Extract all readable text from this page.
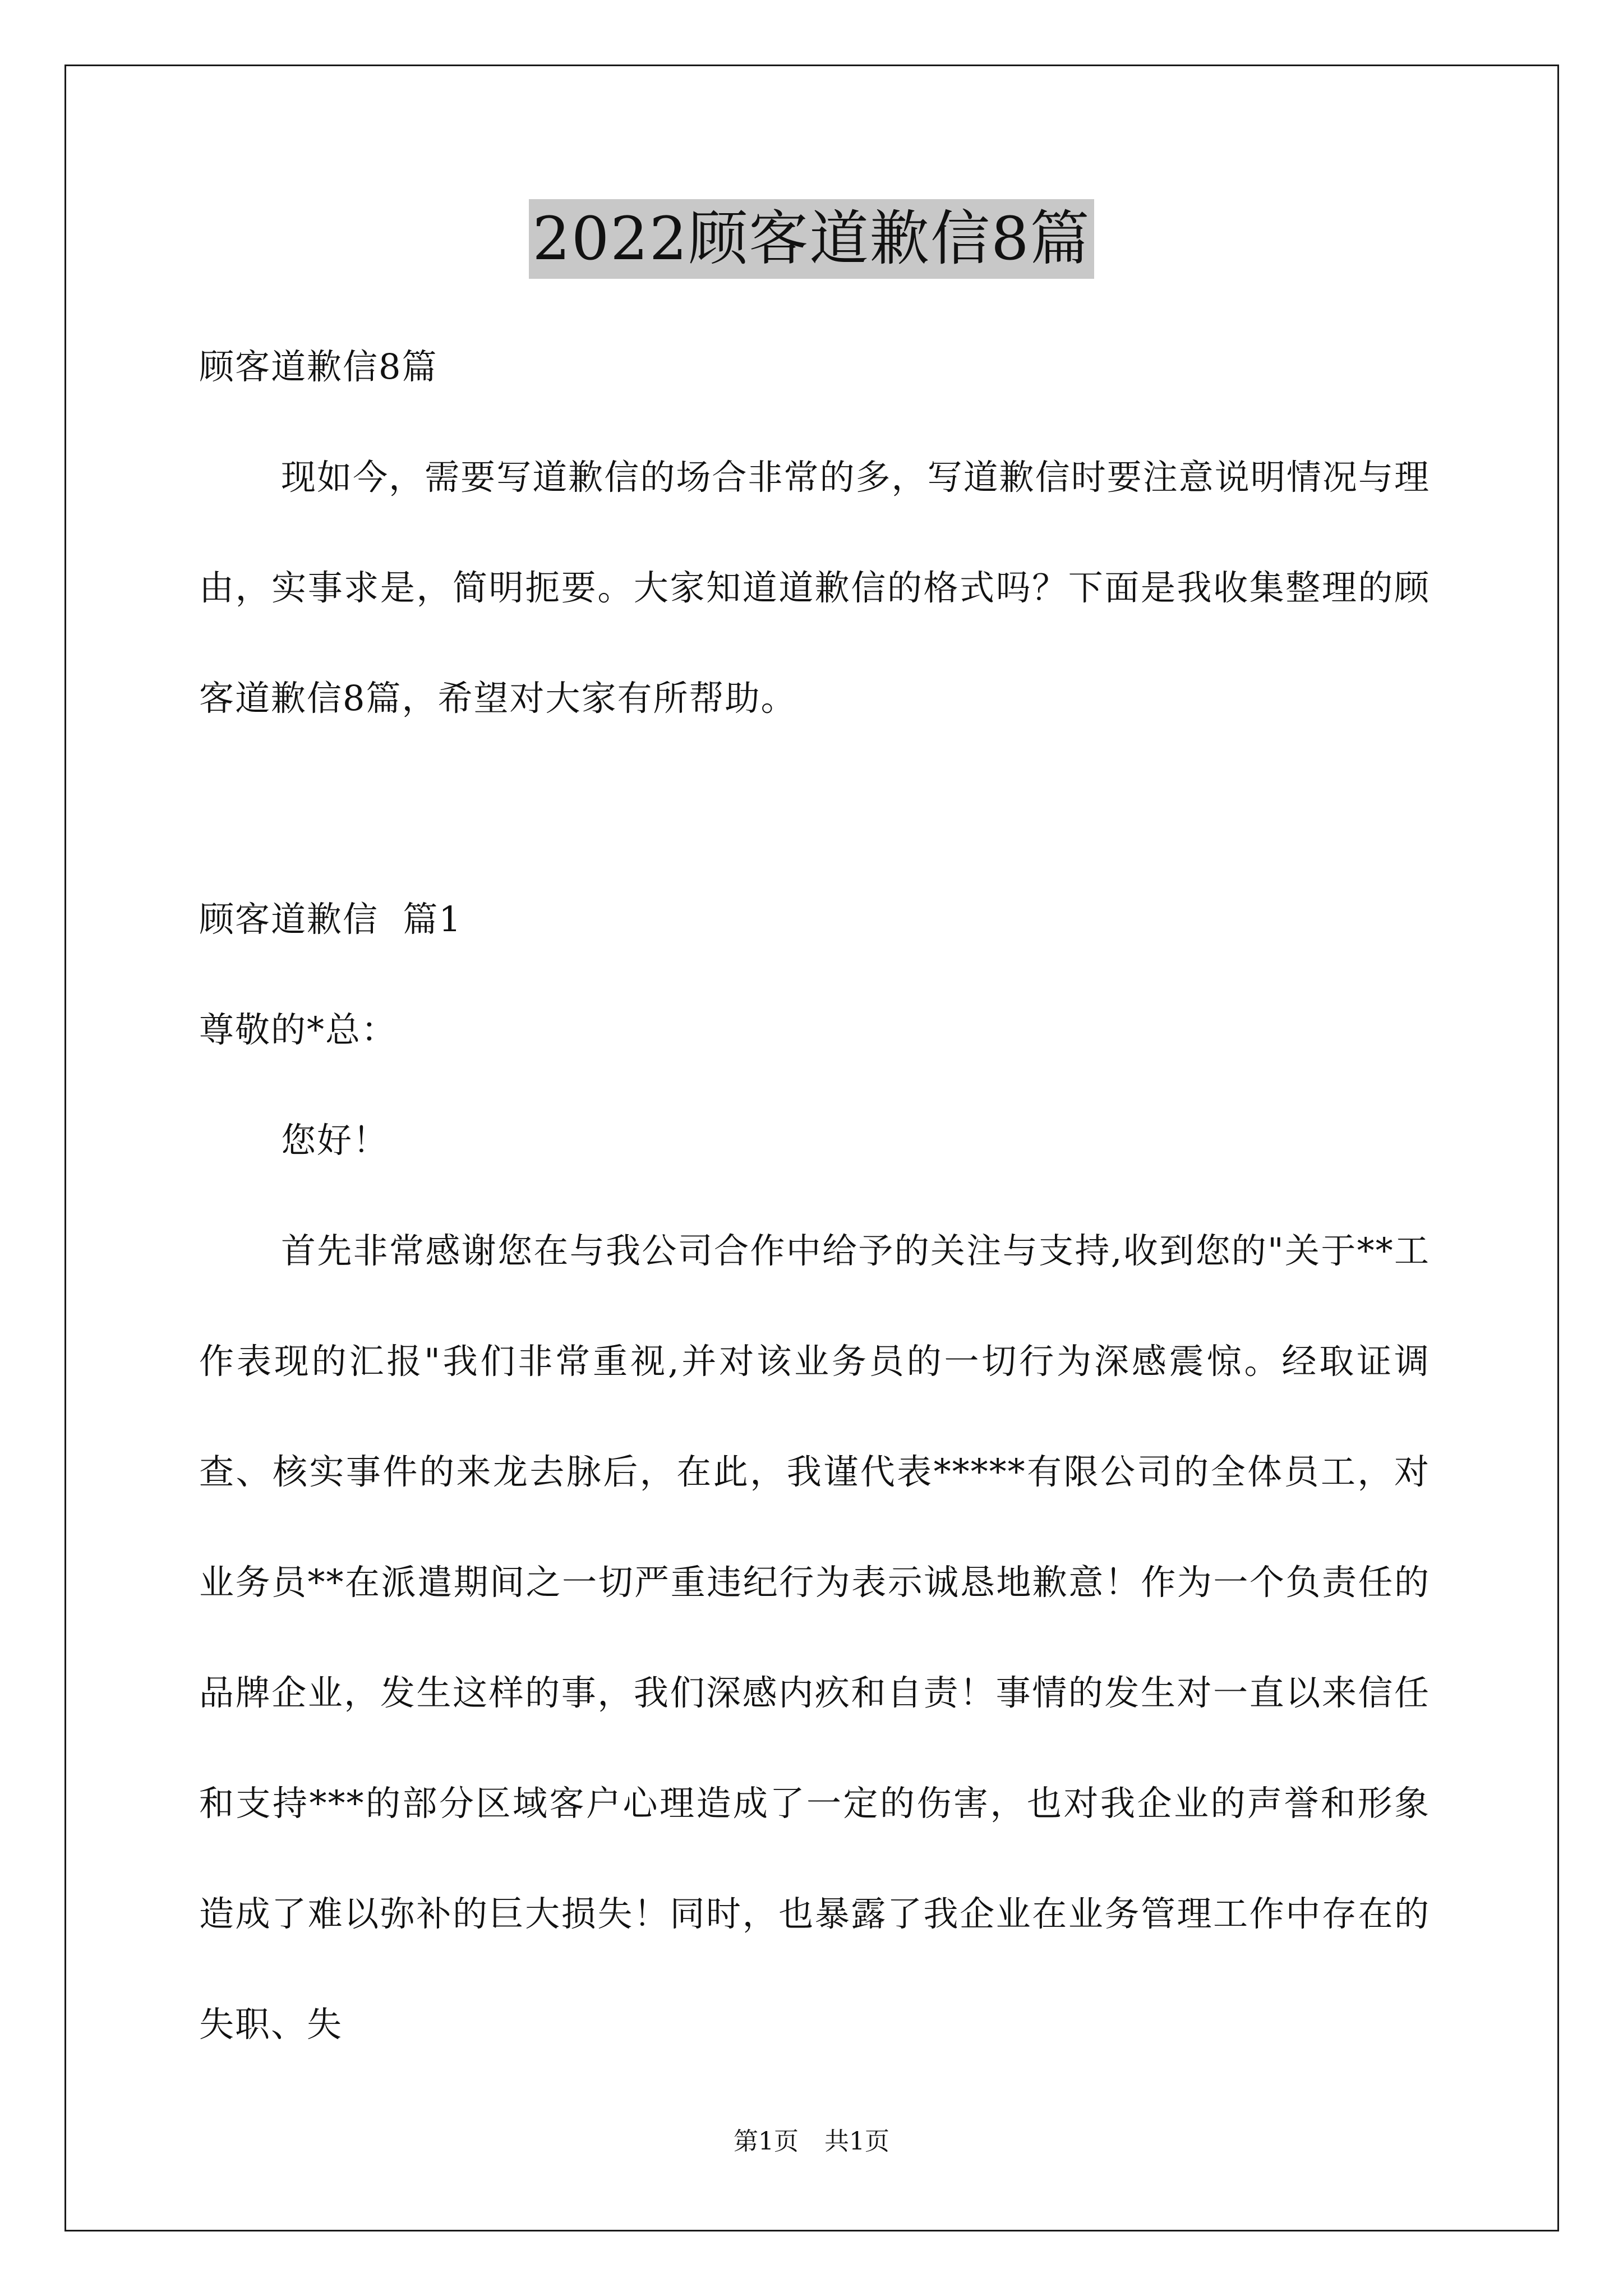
2022顾客道歉信8篇

顾客道歉信8篇

现如今，需要写道歉信的场合非常的多，写道歉信时要注意说明情况与理由，实事求是，简明扼要。大家知道道歉信的格式吗？下面是我收集整理的顾客道歉信8篇，希望对大家有所帮助。

顾客道歉信  篇1

尊敬的*总：

您好！

首先非常感谢您在与我公司合作中给予的关注与支持,收到您的"关于**工作表现的汇报"我们非常重视,并对该业务员的一切行为深感震惊。经取证调查、核实事件的来龙去脉后，在此，我谨代表*****有限公司的全体员工，对业务员**在派遣期间之一切严重违纪行为表示诚恳地歉意！作为一个负责任的品牌企业，发生这样的事，我们深感内疚和自责！事情的发生对一直以来信任和支持***的部分区域客户心理造成了一定的伤害，也对我企业的声誉和形象造成了难以弥补的巨大损失！同时，也暴露了我企业在业务管理工作中存在的失职、失

第1页 共1页
